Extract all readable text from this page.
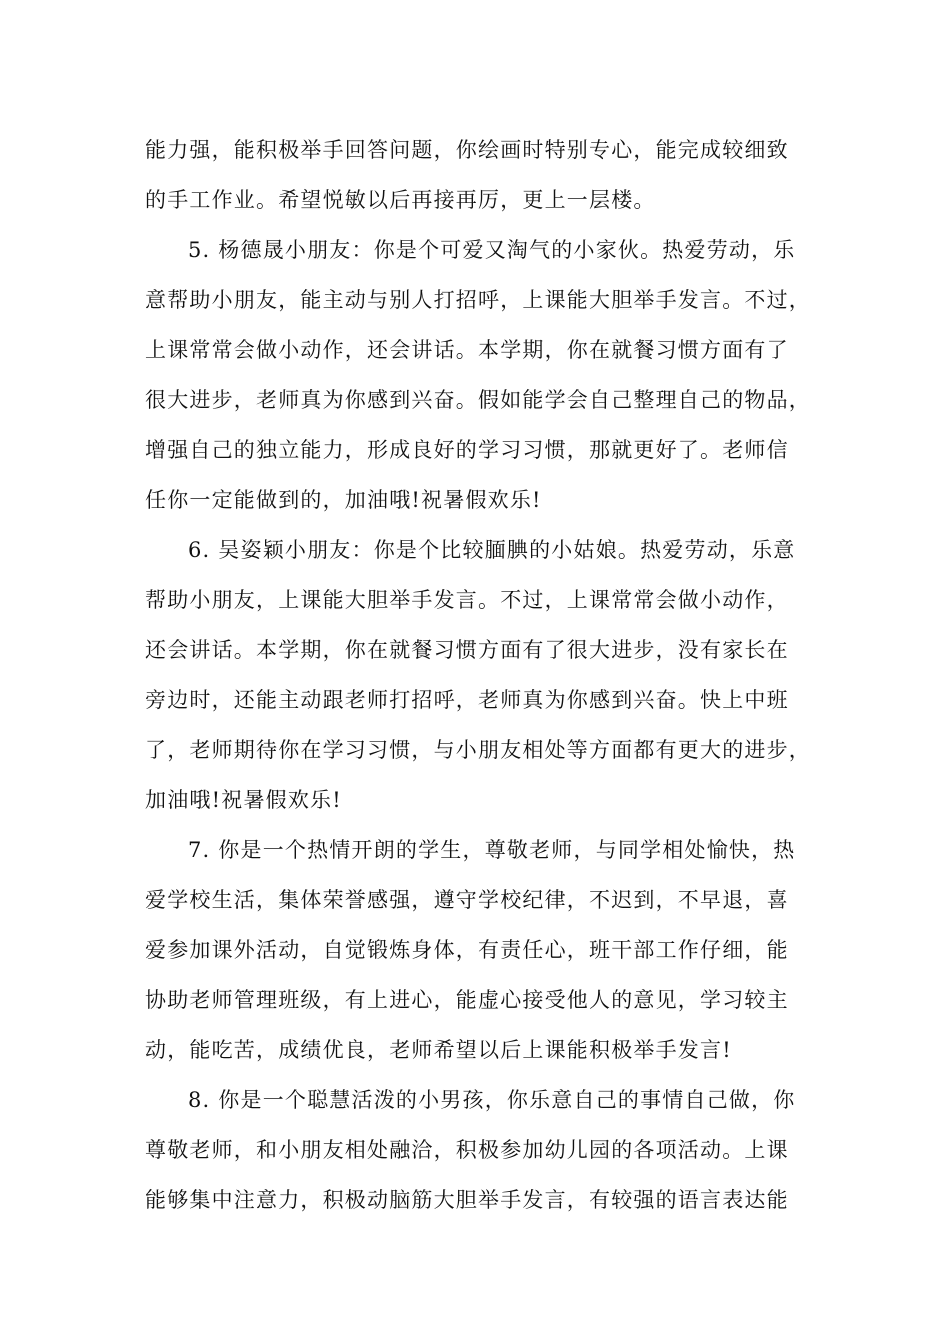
能力强，能积极举手回答问题，你绘画时特别专心，能完成较细致
的手工作业。希望悦敏以后再接再厉，更上一层楼。
5. 杨德晟小朋友：你是个可爱又淘气的小家伙。热爱劳动，乐
意帮助小朋友，能主动与别人打招呼，上课能大胆举手发言。不过，
上课常常会做小动作，还会讲话。本学期，你在就餐习惯方面有了
很大进步，老师真为你感到兴奋。假如能学会自己整理自己的物品，
增强自己的独立能力，形成良好的学习习惯，那就更好了。老师信
任你一定能做到的，加油哦!祝暑假欢乐!
6. 吴姿颖小朋友：你是个比较腼腆的小姑娘。热爱劳动，乐意
帮助小朋友，上课能大胆举手发言。不过，上课常常会做小动作，
还会讲话。本学期，你在就餐习惯方面有了很大进步，没有家长在
旁边时，还能主动跟老师打招呼，老师真为你感到兴奋。快上中班
了，老师期待你在学习习惯，与小朋友相处等方面都有更大的进步，
加油哦!祝暑假欢乐!
7. 你是一个热情开朗的学生，尊敬老师，与同学相处愉快，热
爱学校生活，集体荣誉感强，遵守学校纪律，不迟到，不早退，喜
爱参加课外活动，自觉锻炼身体，有责任心，班干部工作仔细，能
协助老师管理班级，有上进心，能虚心接受他人的意见，学习较主
动，能吃苦，成绩优良，老师希望以后上课能积极举手发言!
8. 你是一个聪慧活泼的小男孩，你乐意自己的事情自己做，你
尊敬老师，和小朋友相处融洽，积极参加幼儿园的各项活动。上课
能够集中注意力，积极动脑筋大胆举手发言，有较强的语言表达能
